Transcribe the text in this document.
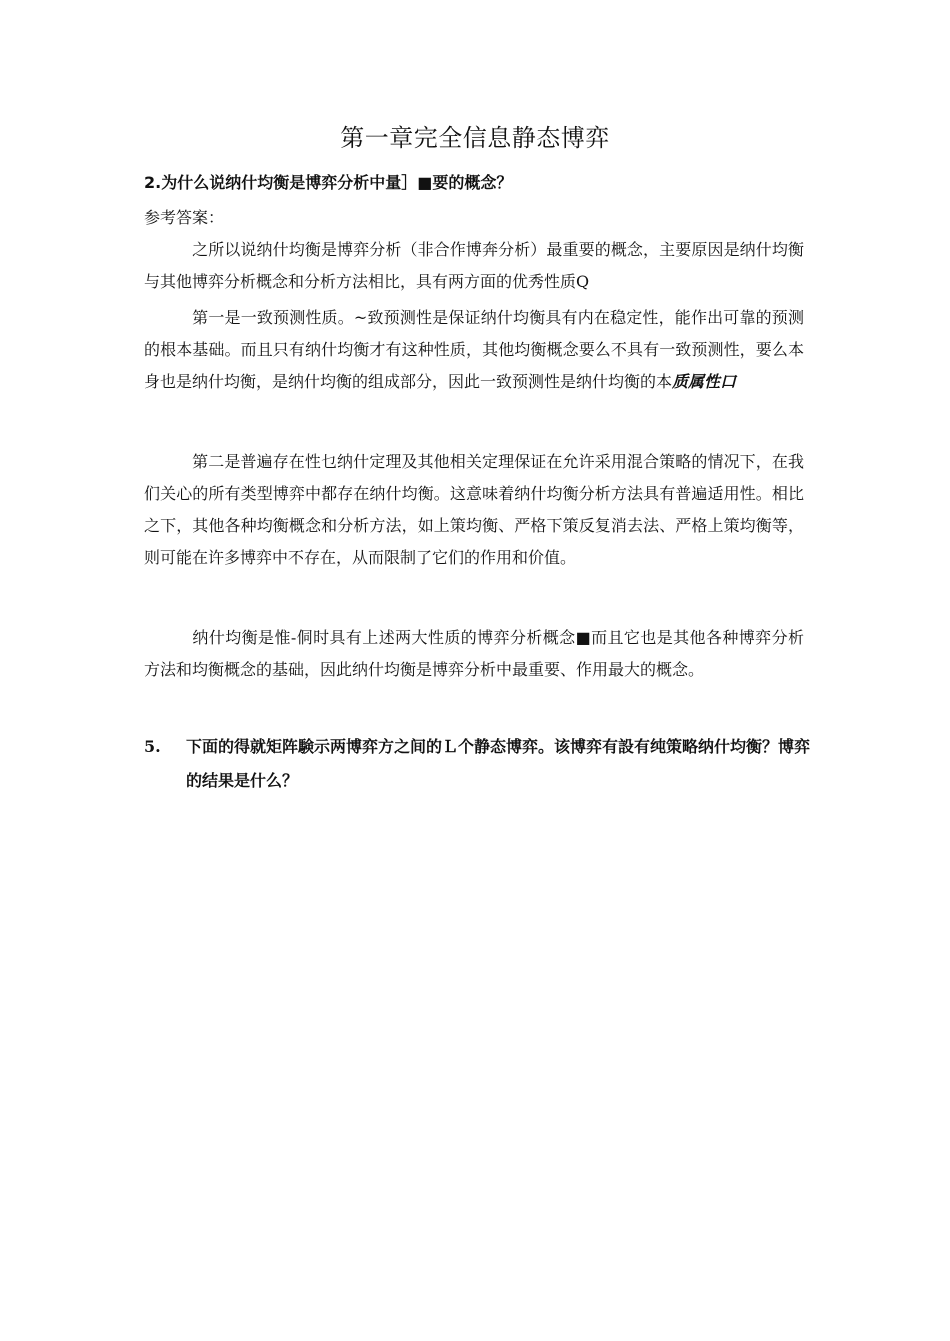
第一章完全信息静态博弈

2.为什么说纳什均衡是博弈分析中量］■要的概念？

参考答案：

之所以说纳什均衡是博弈分析（非合作博奔分析）最重要的概念，主要原因是纳什均衡与其他博弈分析概念和分析方法相比，具有两方面的优秀性质Q

第一是一致预测性质。~致预测性是保证纳什均衡具有内在稳定性，能作出可靠的预测的根本基础。而且只有纳什均衡才有这种性质，其他均衡概念要么不具有一致预测性，要么本身也是纳什均衡，是纳什均衡的组成部分，因此一致预测性是纳什均衡的本质属性口

第二是普遍存在性乜纳什定理及其他相关定理保证在允许采用混合策略的情况下，在我们关心的所有类型博弈中都存在纳什均衡。这意味着纳什均衡分析方法具有普遍适用性。相比之下，其他各种均衡概念和分析方法，如上策均衡、严格下策反复消去法、严格上策均衡等，则可能在许多博弈中不存在，从而限制了它们的作用和价值。

纳什均衡是惟-侗时具有上述两大性质的博弈分析概念■而且它也是其他各种博弈分析方法和均衡概念的基础，因此纳什均衡是博弈分析中最重要、作用最大的概念。

5. 下面的得就矩阵験示两博弈方之间的Ｌ个静态博弈。该博弈有設有纯策略纳什均衡？博弈的结果是什么？
